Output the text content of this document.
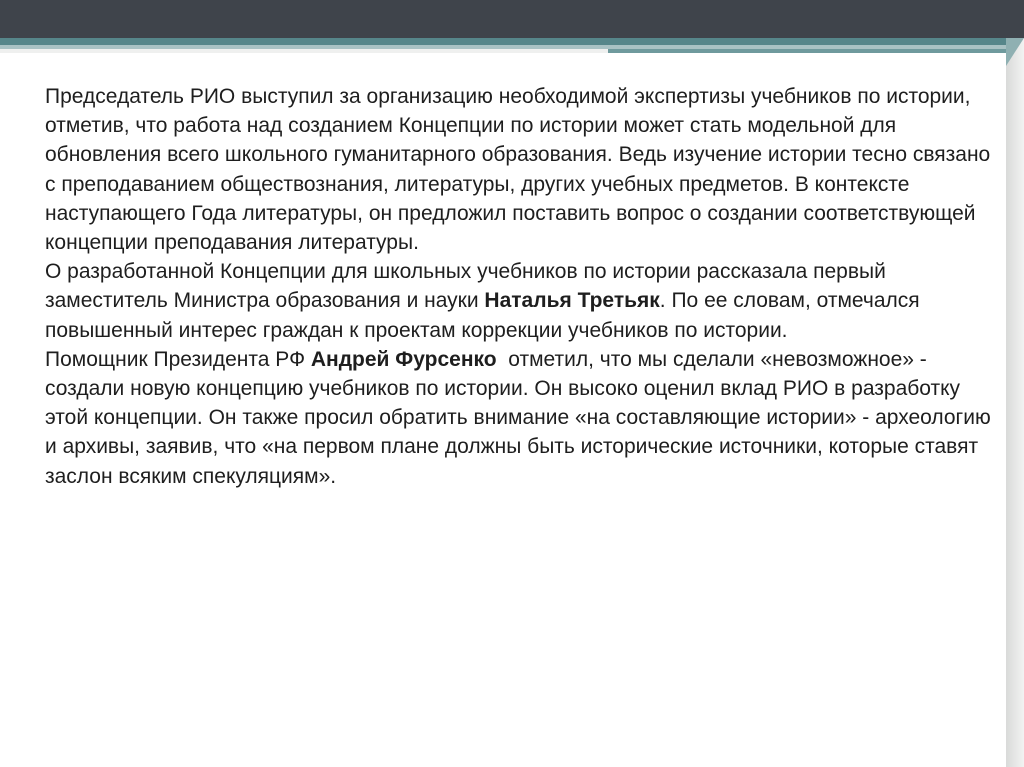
Председатель РИО выступил за организацию необходимой экспертизы учебников по истории, отметив, что работа над созданием Концепции по истории может стать модельной для обновления всего школьного гуманитарного образования. Ведь изучение истории тесно связано с преподаванием обществознания, литературы, других учебных предметов. В контексте наступающего Года литературы, он предложил поставить вопрос о создании соответствующей концепции преподавания литературы.

О разработанной Концепции для школьных учебников по истории рассказала первый заместитель Министра образования и науки Наталья Третьяк. По ее словам, отмечался повышенный интерес граждан к проектам коррекции учебников по истории.

Помощник Президента РФ Андрей Фурсенко  отметил, что мы сделали «невозможное» - создали новую концепцию учебников по истории. Он высоко оценил вклад РИО в разработку этой концепции. Он также просил обратить внимание «на составляющие истории» - археологию и архивы, заявив, что «на первом плане должны быть исторические источники, которые ставят заслон всяким спекуляциям».
